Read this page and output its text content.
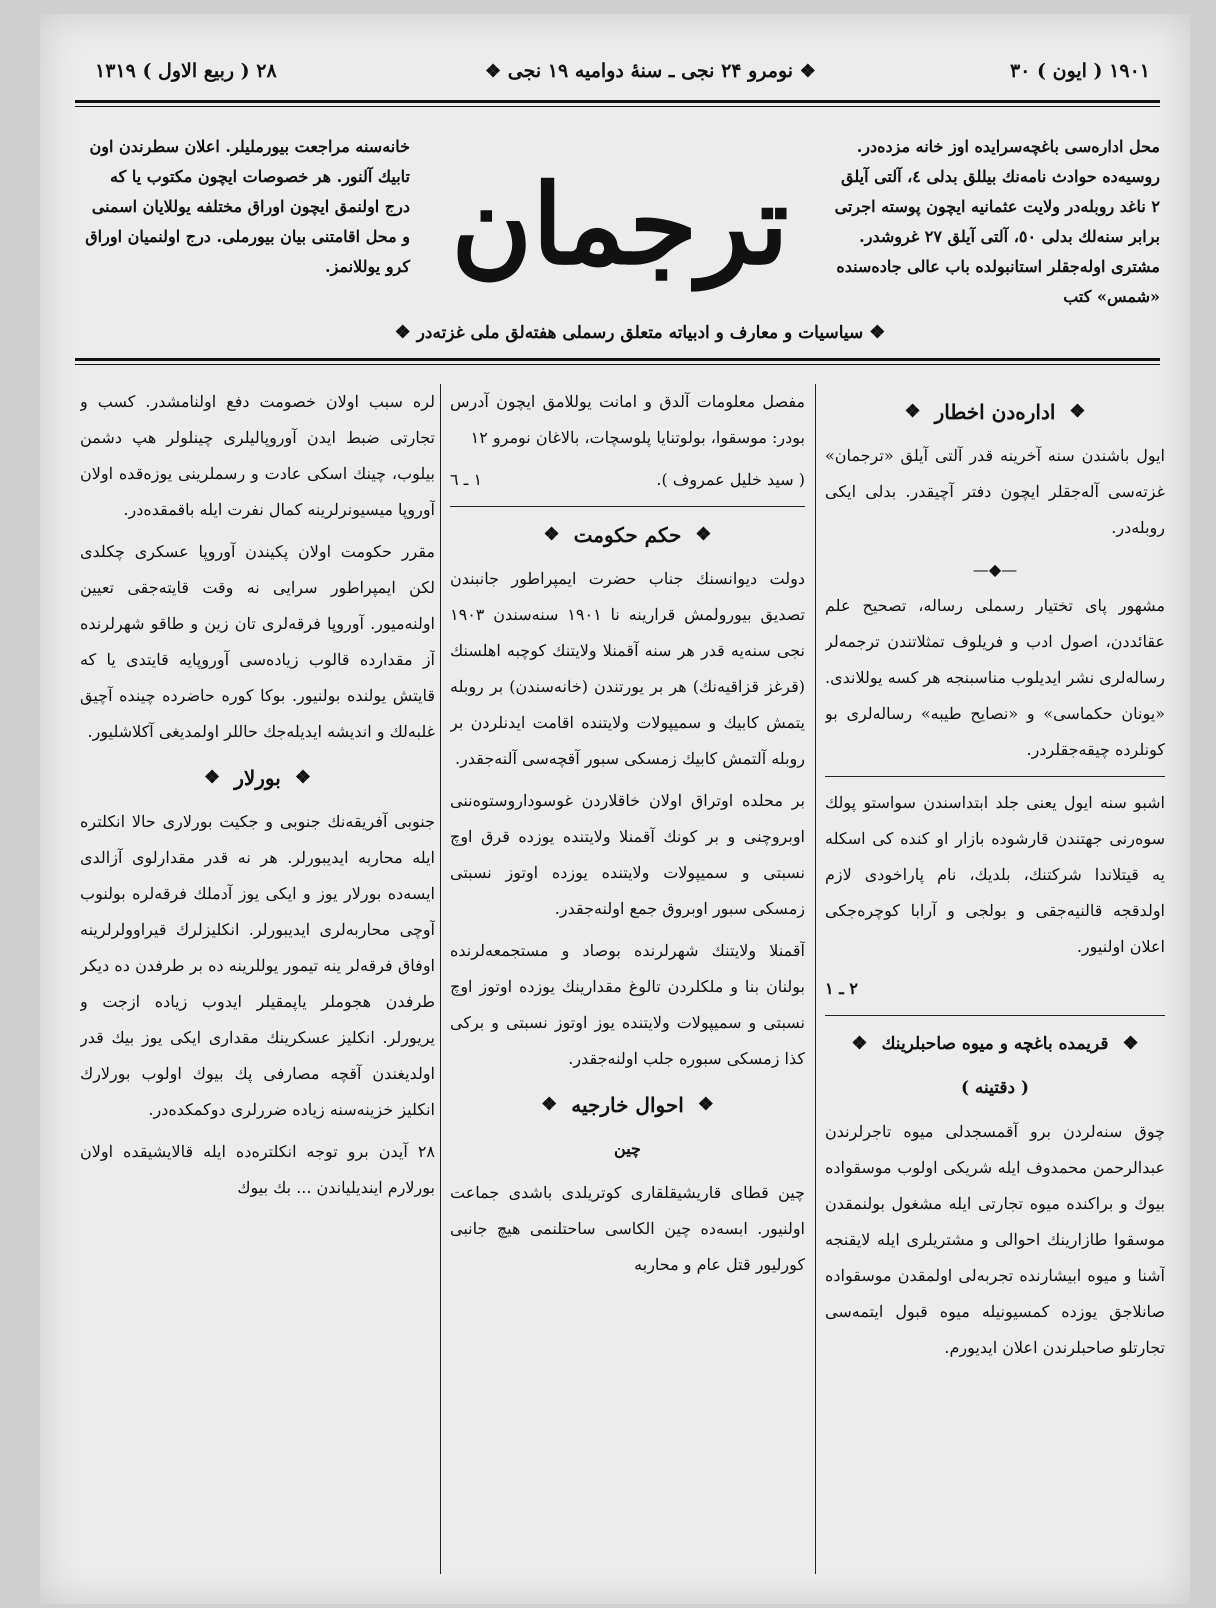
۲۸ ( ربیع الاول ) ۱۳۱۹	❖ نومرو ۲۴ نجی ـ سنهٔ دوامیه ۱۹ نجی ❖	۱۹۰۱ ( ایون ) ۳۰
خانه‌سنه مراجعت بیورملیلر. اعلان سطرندن اون تابیك آلنور. هر خصوصات ایچون مکتوب یا که درج اولنمق ایچون اوراق مختلفه یوللایان اسمنی و محل اقامتنی بیان بیورملی. درج اولنمیان اوراق کرو یوللانمز. ترجمان
محل اداره‌سی باغچه‌سرایده اوز خانه مزده‌در. روسیه‌ده حوادث نامه‌نك بیللق بدلی ٤، آلتی آیلق ۲ ناغد روبله‌در ولایت عثمانیه ایچون پوسته اجرتی برابر سنه‌لك بدلی ٥٠، آلتی آیلق ۲۷ غروشدر. مشتری اوله‌جقلر استانبولده باب عالی جاده‌سنده «شمس» کتب
❖ سیاسیات و معارف و ادبیاته متعلق رسملی هفته‌لق ملی غزته‌در ❖
❖
اداره‌دن اخطار
❖

ایول باشندن سنه آخرینه قدر آلتی آیلق «ترجمان» غزته‌سی آله‌جقلر ایچون دفتر آچیقدر. بدلی ایکی روبله‌در.

—◆—

مشهور پای تختیار رسملی رساله، تصحیح علم عقائددن، اصول ادب و فریلوف تمثلاتندن ترجمه‌لر رساله‌لری نشر ایدیلوب مناسبنجه هر کسه یوللاندی. «یونان حکماسی» و «نصایح طیبه» رساله‌لری بو کونلرده چیقه‌جقلردر.

اشبو سنه ایول یعنی جلد ابتداسندن سواستو پولك سوەرنی جهتندن قارشوده بازار او کنده کی اسکله‌ یه قیتلاندا شرکتنك، بلدیك، نام پاراخودی لازم اولدقجه قالنیه‌جقی و بولجی و آرابا کوچره‌جکی اعلان اولنیور.

۲ ـ ۱
❖
قریمده باغچه و میوه صاحبلرینك
❖
( دقتینه )

چوق سنه‌لردن برو آقمسجدلی میوه تاجرلرندن عبدالرحمن محمدوف ایله شریکی اولوب موسقواده بیوك و براکنده میوه تجارتی ایله مشغول بولنمقدن موسقوا طازارینك احوالی و مشتریلری ایله لایقنجه آشنا و میوه ابیشارنده تجربه‌لی اولمقدن موسقواده صانلاجق یوزده کمسیونیله میوه قبول ایتمه‌سی تجارتلو صاحبلرندن اعلان ایدیورم.

مفصل معلومات آلدق و امانت یوللامق ایچون آدرس بودر: موسقوا، بولوتنایا پلوسچات، بالاغان نومرو ۱۲

( سید خلیل عمروف ).
۱ ـ ٦
❖
حکم حکومت
❖

دولت دیوانسنك جناب حضرت ایمپراطور جانبندن تصدیق بیورولمش قرارینه نا ۱۹۰۱ سنه‌سندن ۱۹۰۳ نجی سنه‌یه قدر هر سنه آقمنلا ولایتنك کوچبه اهلسنك (قرغز قزاقیه‌نك) هر بر یورتندن (خانه‌سندن) بر روبله یتمش کابیك و سمیپولات ولایتنده اقامت ایدنلردن بر روبله آلتمش کابیك زمسکی سبور آقچه‌سی آلنه‌جقدر.

بر محلده اوتراق اولان خاقلاردن غوسوداروستوەننی اوبروچنی و بر کونك آقمنلا ولایتنده یوزده قرق اوچ نسبتی و سمیپولات ولایتنده یوزده اوتوز نسبتی زمسکی سبور اوبروق جمع اولنه‌جقدر.

آقمنلا ولایتنك شهرلرنده بوصاد و مستجمعه‌لرنده بولنان بنا و ملکلردن تالوغ مقدارینك یوزده اوتوز اوچ نسبتی و سمیپولات ولایتنده یوز اوتوز نسبتی و برکی کذا زمسکی سبوره جلب اولنه‌جقدر.

❖
احوال خارجیه
❖
چین

چین قطای قاریشیقلقاری کوتریلدی باشدی جماعت اولنیور. ابسه‌ده چین الکاسی ساحتلنمی هیچ جانبی کورلیور قتل عام و محاربه

لره سبب اولان خصومت دفع اولنامشدر. کسب و تجارتی ضبط ایدن آوروپالیلری چینلولر هپ دشمن بیلوب، چینك اسکی عادت و رسملرینی یوزەقده اولان آوروپا میسیونرلرینه کمال نفرت ایله باقمقده‌در.

مقرر حکومت اولان پکیندن آوروپا عسکری چکلدی لکن ایمپراطور سرایی نه وقت قایته‌جقی تعیین اولنه‌میور. آوروپا فرقه‌لری تان زین و طاقو شهرلرنده آز مقدارده قالوب زیاده‌سی آوروپایه قایتدی یا که قایتش یولنده بولنیور. بوکا کوره حاضرده چینده آچیق غلبه‌لك و اندیشه ایدیله‌جك حاللر اولمدیغی آکلاشلیور.

❖
بورلار
❖

جنوبی آفریقه‌نك جنوبی و جکیت بورلاری حالا انکلتره ایله محاربه ایدیبورلر. هر نه قدر مقدارلوی آزالدی ایسه‌ده بورلار یوز و ایکی یوز آدملك فرقه‌لره بولنوب آوچی محاربه‌لری ایدیبورلر. انکلیزلرك قیراوولرلرینه اوفاق فرقه‌لر ینه تیمور یوللرینه ده بر طرفدن ده دیکر طرفدن هجوملر یاپمقیلر ایدوب زیاده ازجت و یریورلر. انکلیز عسکرینك مقداری ایکی یوز بیك قدر اولدیغندن آقچه مصارفی پك بیوك اولوب بورلارك انکلیز خزینه‌سنه زیاده ضررلری دوکمکده‌در.

۲۸ آیدن برو توجه انکلتره‌ده ایله قالایشیقده اولان بورلارم ایندیلیاندن ... بك بیوك
